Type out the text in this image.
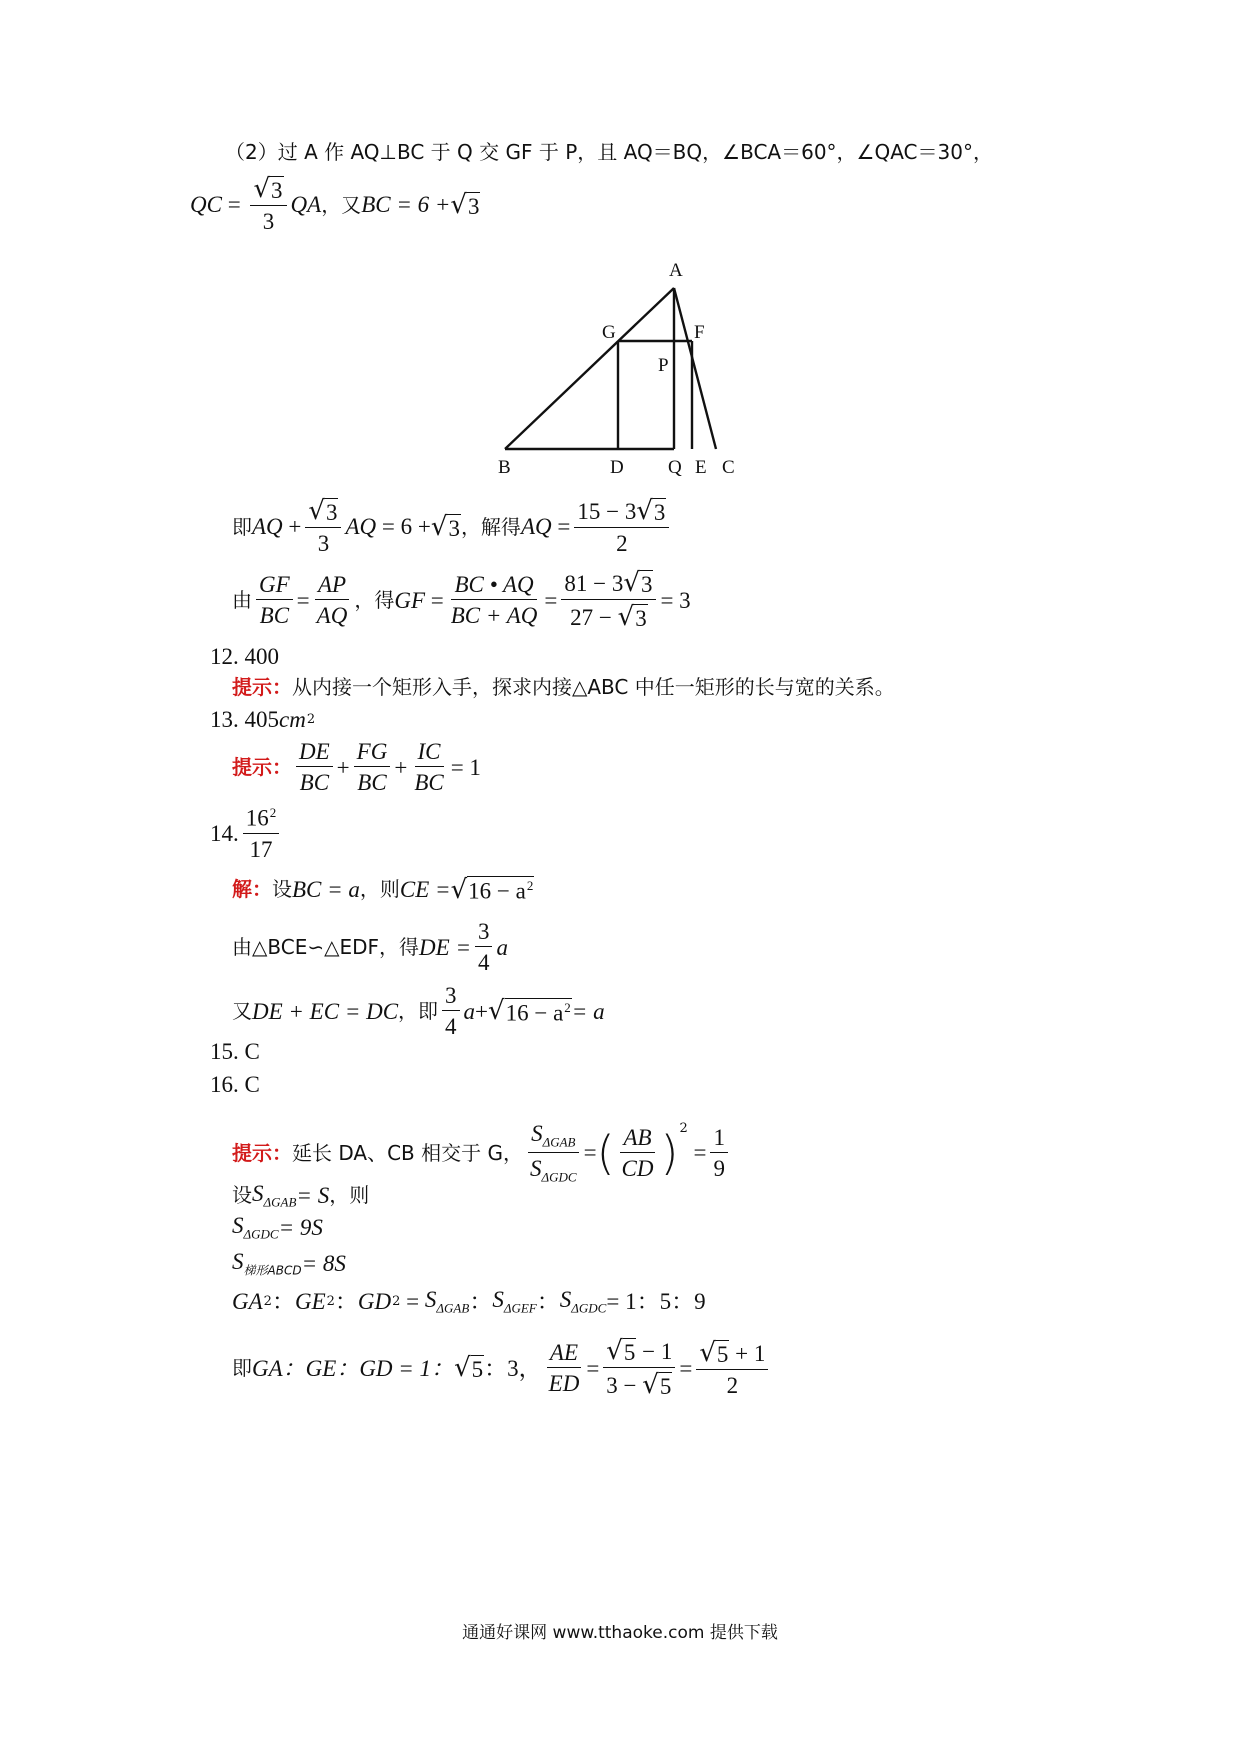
（2）过 A 作 AQ⊥BC 于 Q 交 GF 于 P，且 AQ＝BQ，∠BCA＝60°，∠QAC＝30°，
QC = $\frac{√ 3}{3}$ QA ，又 BC = 6 + √ 3
A
B	C
D	E
F
G
P
Q
即 AQ + $\frac{√ 3}{3}$ AQ
= 6 + √ 3 ，解得 AQ = $\frac{15 - 3 √ 3}{2}$
由 $\frac{GF}{BC} = \frac{AP}{AQ}$ ，得 GF = $\frac{BC • AQ}{BC + AQ} = \frac{81 - 3 √ 3}{27 - √ 3} = 3$
12. 400
提示： 从内接一个矩形入手，探求内接△ABC 中任一矩形的长与宽的关系。
13.
405 cm 2
提示： $\frac{DE}{BC} + \frac{FG}{BC} + \frac{IC}{BC} = 1$
14. $\frac{16^2}{17}$
解： 设 BC = a ，则 CE = √ $16 - a^2$
由△BCE∽△EDF，得 DE = $\frac{3}{4}$ a
又 DE + EC = DC ，即 $\frac{3}{4}$ a + √ $16 - a^2 = a$
15. C
16. C
提示： 延长 DA、CB 相交于 G， $\frac{S_{\Delta GAB}}{S_{\Delta GDC}}$ = ( $\frac{AB}{CD} )^2$
= $\frac{1}{9}$
设 $S_{\Delta GAB} = S$ ，则
$S_{\Delta GDC} = 9S$
$S_{梯形ABCD} = 8S$
GA 2 ： GE 2 ： GD $2 = S_{\Delta GAB}$ ： $S_{\Delta GEF}$ ： $S_{\Delta GDC} = 1$：5：9
即 GA：GE：GD = 1： √ 5 ：3， $\frac{AE}{ED} = \frac{√ 5 - 1}{3 - √ 5} = \frac{√ 5 + 1}{2}$
通通好课网 www.tthaoke.com 提供下载
